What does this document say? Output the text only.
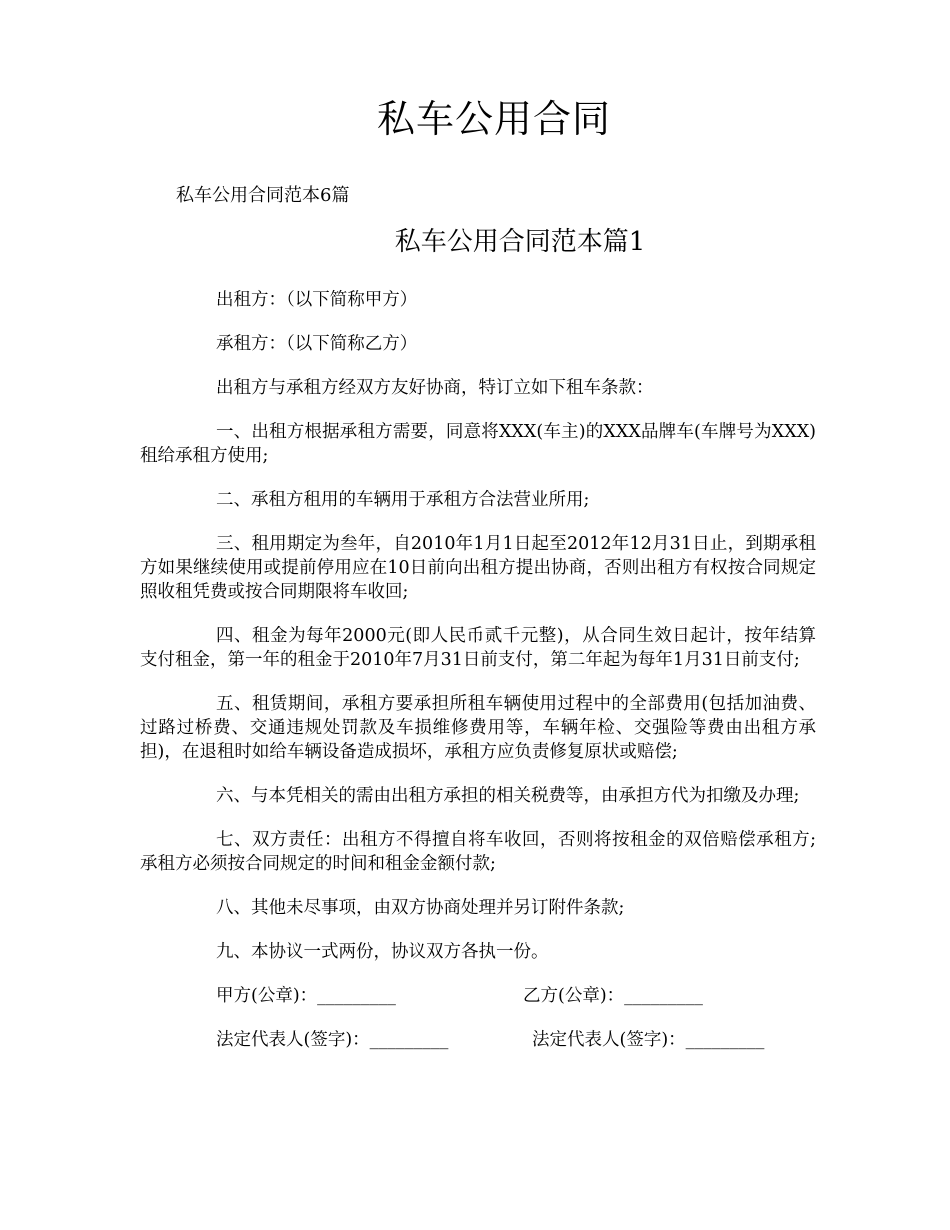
私车公用合同
私车公用合同范本6篇
私车公用合同范本篇1

出租方：（以下简称甲方）

承租方：（以下简称乙方）

出租方与承租方经双方友好协商，特订立如下租车条款：

一、出租方根据承租方需要，同意将XXX(车主)的XXX品牌车(车牌号为XXX)租给承租方使用;

二、承租方租用的车辆用于承租方合法营业所用;

三、租用期定为叁年，自2010年1月1日起至2012年12月31日止，到期承租方如果继续使用或提前停用应在10日前向出租方提出协商，否则出租方有权按合同规定照收租凭费或按合同期限将车收回;

四、租金为每年2000元(即人民币贰千元整)，从合同生效日起计，按年结算支付租金，第一年的租金于2010年7月31日前支付，第二年起为每年1月31日前支付;

五、租赁期间，承租方要承担所租车辆使用过程中的全部费用(包括加油费、过路过桥费、交通违规处罚款及车损维修费用等，车辆年检、交强险等费由出租方承担)，在退租时如给车辆设备造成损坏，承租方应负责修复原状或赔偿;

六、与本凭相关的需由出租方承担的相关税费等，由承担方代为扣缴及办理;

七、双方责任：出租方不得擅自将车收回，否则将按租金的双倍赔偿承租方;承租方必须按合同规定的时间和租金金额付款;

八、其他未尽事项，由双方协商处理并另订附件条款;

九、本协议一式两份，协议双方各执一份。

甲方(公章)：_________	乙方(公章)：_________
法定代表人(签字)：_________	法定代表人(签字)：_________
